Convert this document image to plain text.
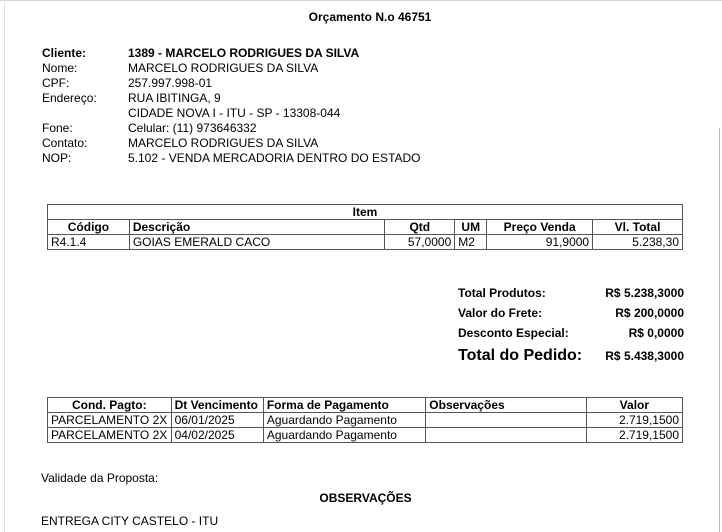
Orçamento N.o 46751
Cliente:	1389 - MARCELO RODRIGUES DA SILVA
Nome:	MARCELO RODRIGUES DA SILVA
CPF:	257.997.998-01
Endereço:	RUA IBITINGA, 9
CIDADE NOVA I - ITU - SP - 13308-044
Fone:	Celular: (11) 973646332
Contato:	MARCELO RODRIGUES DA SILVA
NOP:	5.102 - VENDA MERCADORIA DENTRO DO ESTADO
Item					
Código	Descrição	Qtd	UM	Preço Venda	Vl. Total
R4.1.4	GOIAS EMERALD CACO	57,0000	M2	91,9000	5.238,30
Total Produtos:	R$ 5.238,3000
Valor do Frete:	R$ 200,0000
Desconto Especial:	R$ 0,0000
Total do Pedido: R$ 5.438,3000
Cond. Pagto:	Dt Vencimento	Forma de Pagamento	Observações	Valor
PARCELAMENTO 2X	06/01/2025	Aguardando Pagamento		2.719,1500
PARCELAMENTO 2X	04/02/2025	Aguardando Pagamento		2.719,1500
Validade da Proposta:
OBSERVAÇÕES
ENTREGA CITY CASTELO - ITU
